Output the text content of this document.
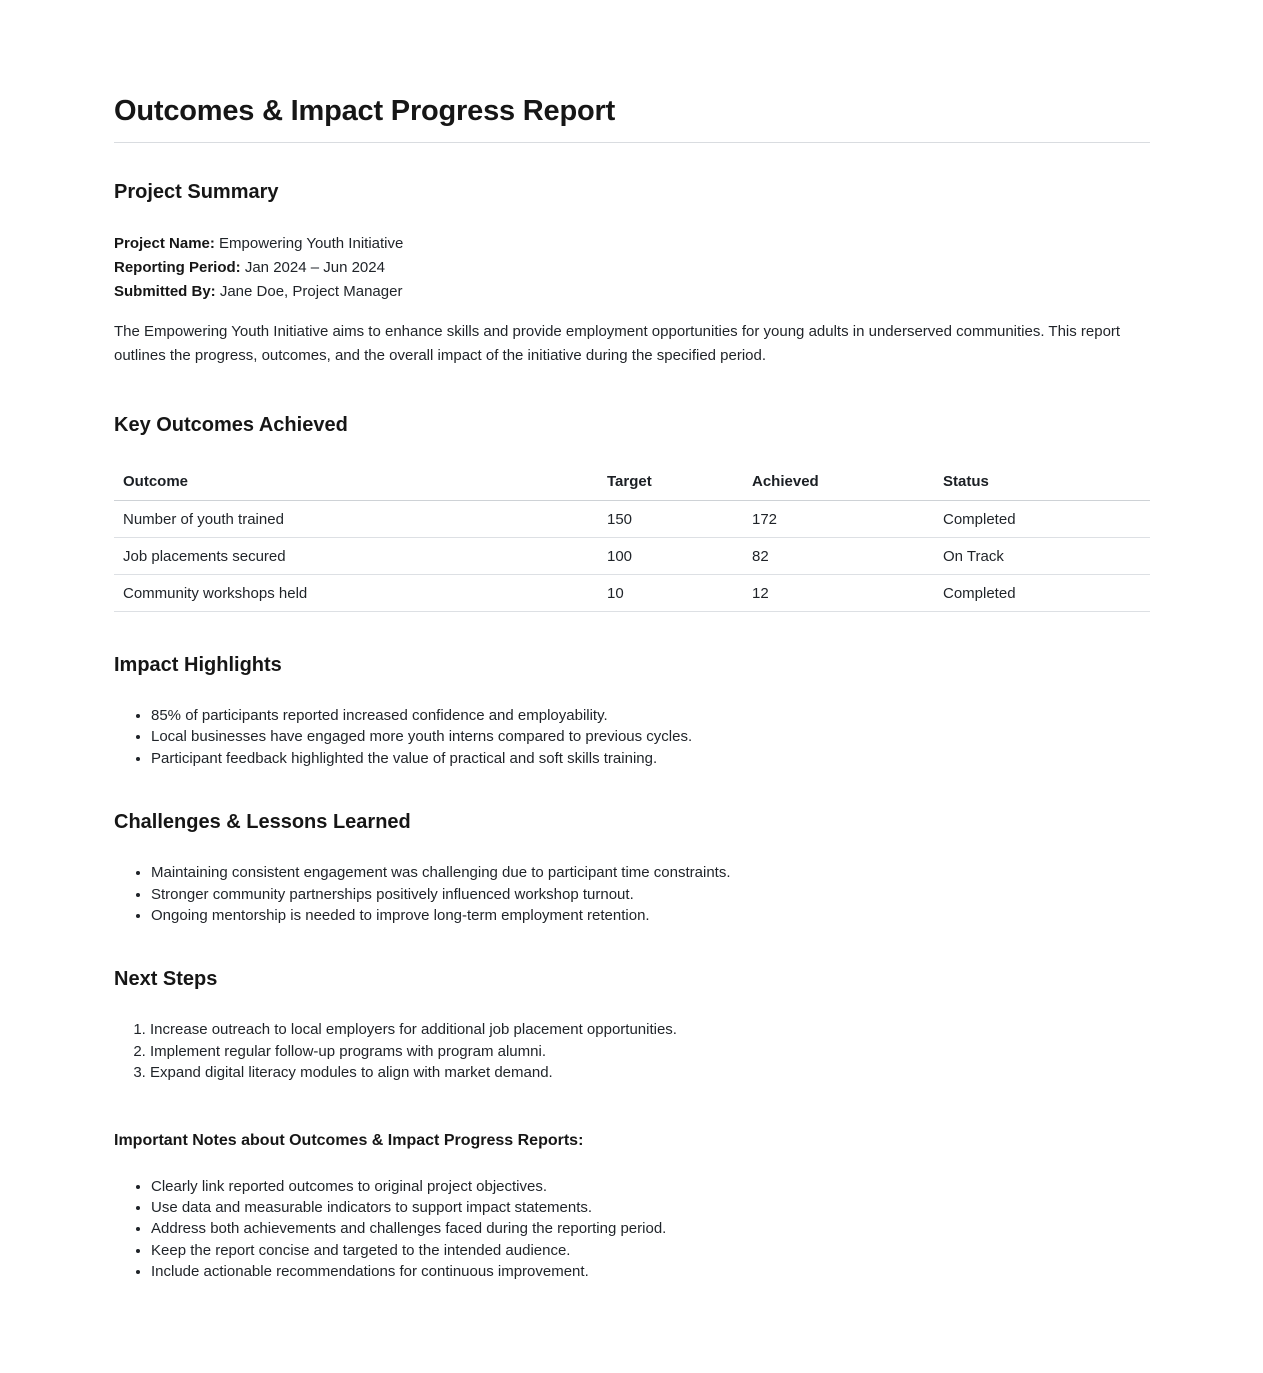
Outcomes & Impact Progress Report
Project Summary

Project Name: Empowering Youth Initiative

Reporting Period: Jan 2024 – Jun 2024

Submitted By: Jane Doe, Project Manager

The Empowering Youth Initiative aims to enhance skills and provide employment opportunities for young adults in underserved communities. This report outlines the progress, outcomes, and the overall impact of the initiative during the specified period.

Key Outcomes Achieved
Outcome	Target	Achieved	Status
Number of youth trained	150	172	Completed
Job placements secured	100	82	On Track
Community workshops held	10	12	Completed
Impact Highlights
• 85% of participants reported increased confidence and employability.
• Local businesses have engaged more youth interns compared to previous cycles.
• Participant feedback highlighted the value of practical and soft skills training.
Challenges & Lessons Learned
• Maintaining consistent engagement was challenging due to participant time constraints.
• Stronger community partnerships positively influenced workshop turnout.
• Ongoing mentorship is needed to improve long-term employment retention.
Next Steps
1. Increase outreach to local employers for additional job placement opportunities.
2. Implement regular follow-up programs with program alumni.
3. Expand digital literacy modules to align with market demand.
Important Notes about Outcomes & Impact Progress Reports:
• Clearly link reported outcomes to original project objectives.
• Use data and measurable indicators to support impact statements.
• Address both achievements and challenges faced during the reporting period.
• Keep the report concise and targeted to the intended audience.
• Include actionable recommendations for continuous improvement.
